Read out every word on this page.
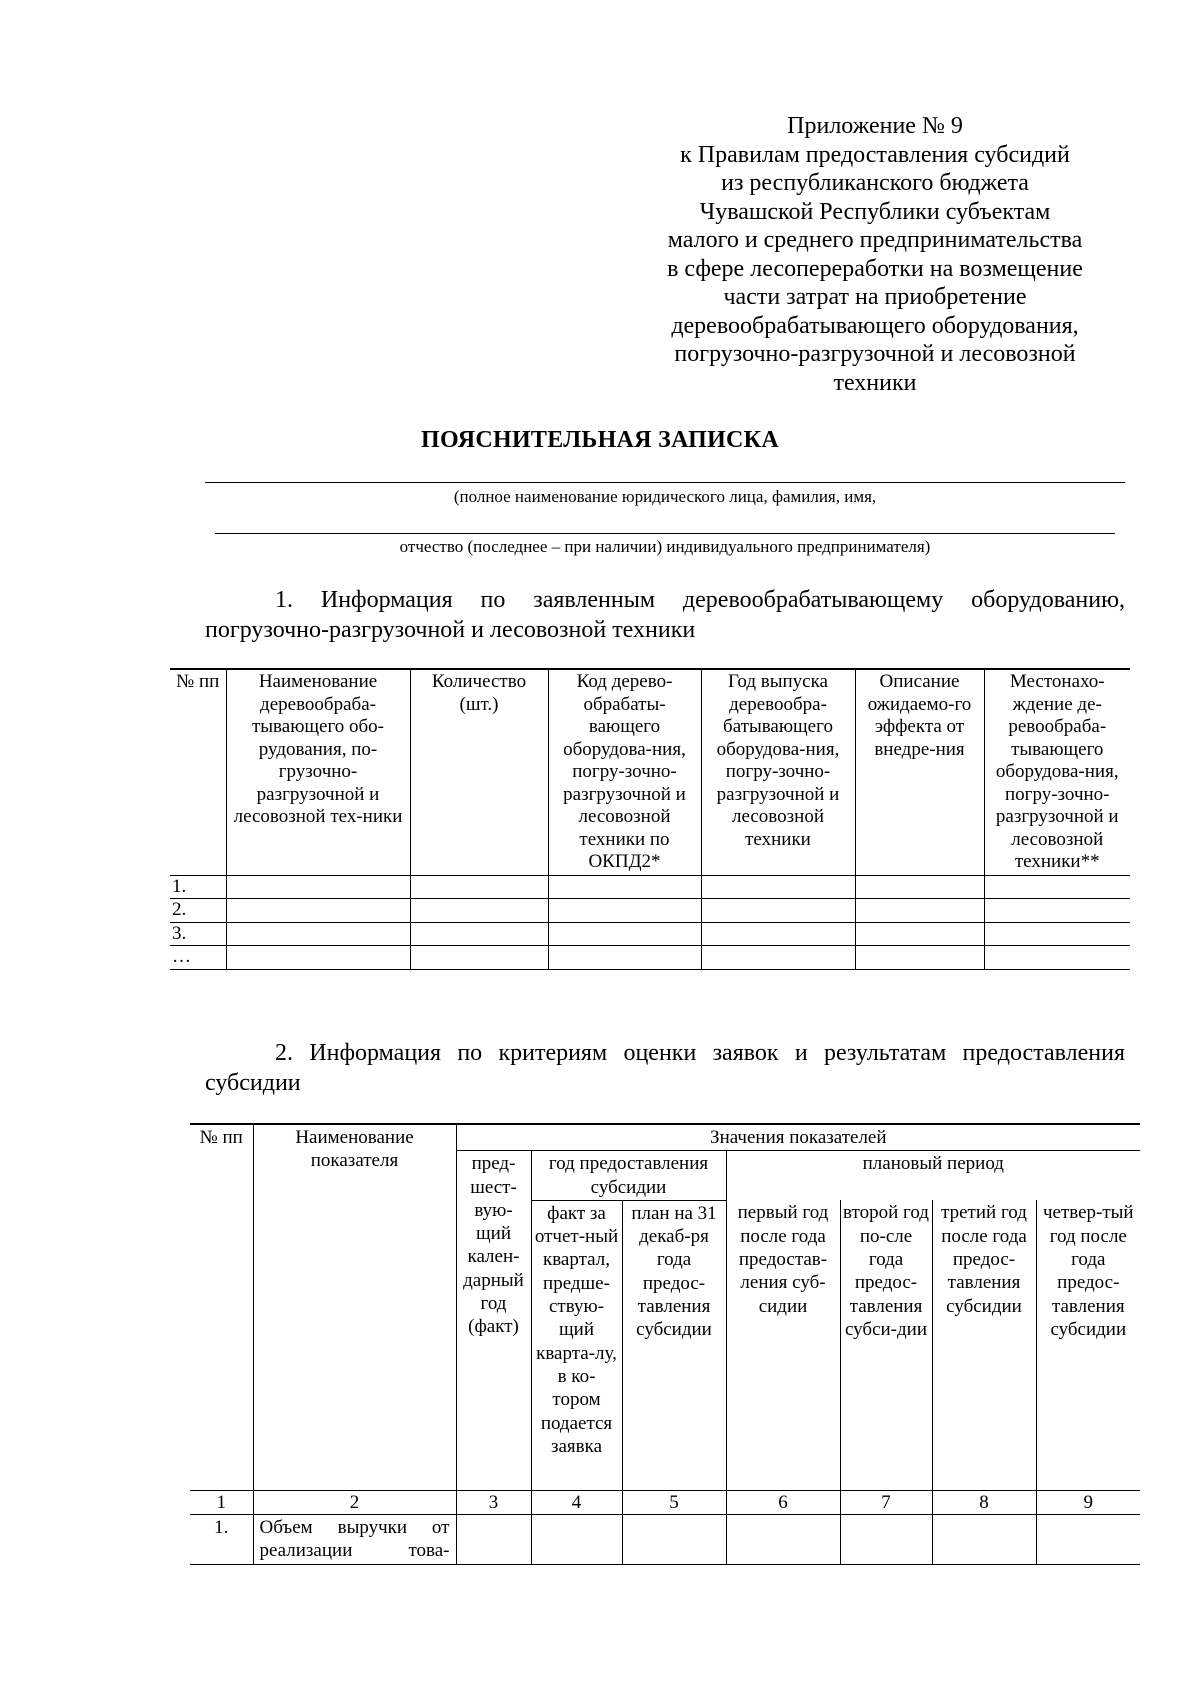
Приложение № 9
к Правилам предоставления субсидий
из республиканского бюджета
Чувашской Республики субъектам
малого и среднего предпринимательства
в сфере лесопереработки на возмещение
части затрат на приобретение
деревообрабатывающего оборудования,
погрузочно-разгрузочной и лесовозной
техники
ПОЯСНИТЕЛЬНАЯ ЗАПИСКА
(полное наименование юридического лица, фамилия, имя,
отчество (последнее – при наличии) индивидуального предпринимателя)
1. Информация по заявленным деревообрабатывающему оборудованию,
погрузочно-разгрузочной и лесовозной техники
№ пп	Наименование деревообраба-тывающего обо-рудования, по-грузочно-разгрузочной и лесовозной тех-ники	Количество (шт.)	Код дерево-обрабаты-вающего оборудова-ния, погру-зочно-разгрузочной и лесовозной техники по ОКПД2*	Год выпуска деревообра-батывающего оборудова-ния, погру-зочно-разгрузочной и лесовозной техники	Описание ожидаемо-го эффекта от внедре-ния	Местонахо-ждение де-ревообраба-тывающего оборудова-ния, погру-зочно-разгрузочной и лесовозной техники**
1.						
2.						
3.						
…						
2. Информация по критериям оценки заявок и результатам предоставления
субсидии
№ пп	Наименование показателя	Значения показателей						
		пред-шест-вую-щий кален-дарный год (факт)	год предоставления субсидии		плановый период			
			факт за отчет-ный квартал, предше-ствую-щий кварта-лу, в ко-тором подается заявка	план на 31 декаб-ря года предос-тавления субсидии	первый год после года предостав-ления суб-сидии	второй год по-сле года предос-тавления субси-дии	третий год после года предос-тавления субсидии	четвер-тый год после года предос-тавления субсидии
1	2	3	4	5	6	7	8	9
1.	Объем выручки от реализации това-							
